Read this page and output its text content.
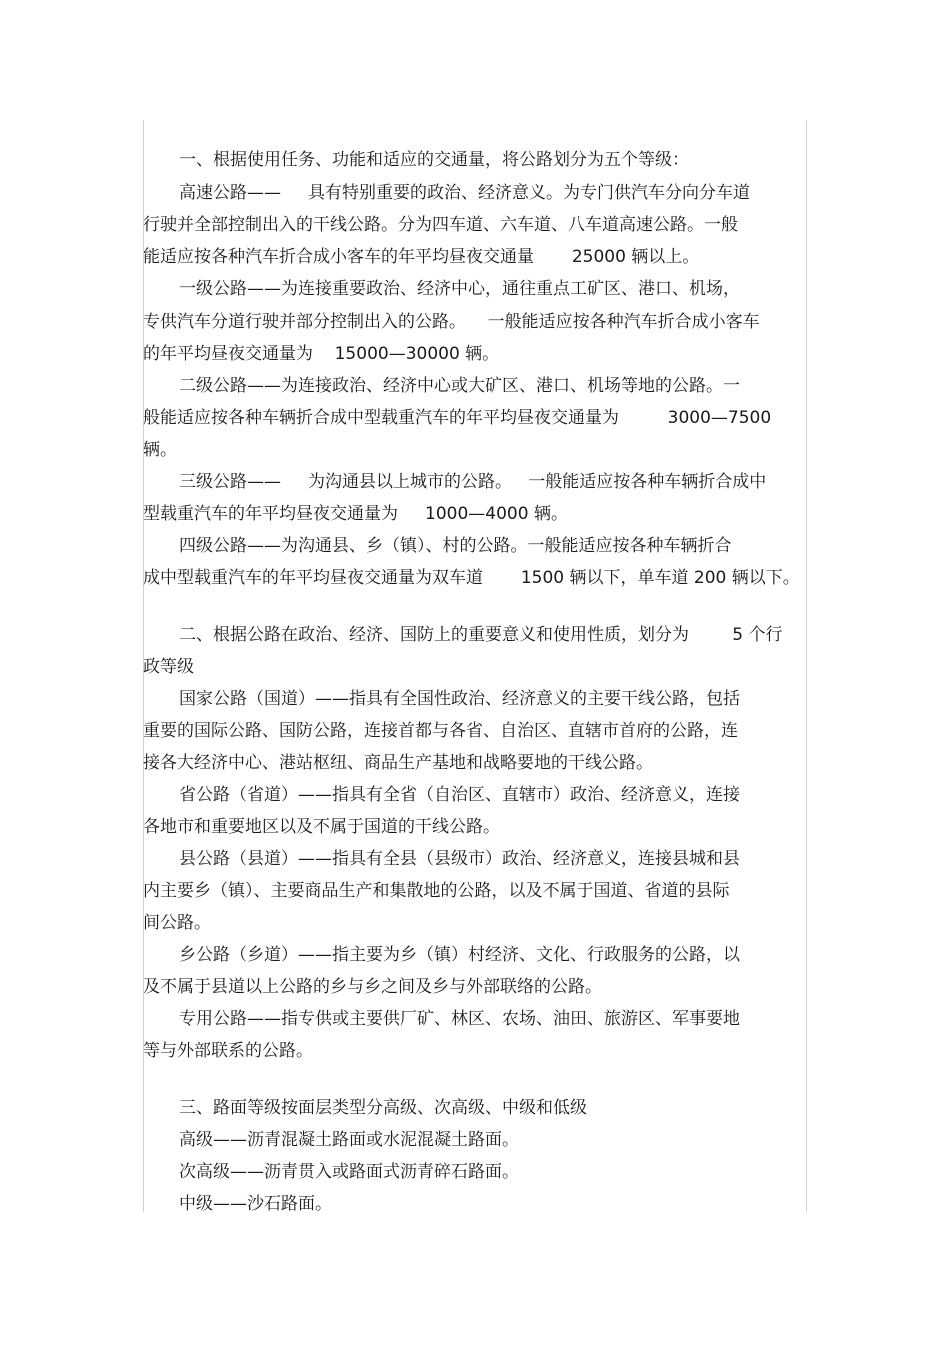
一、根据使用任务、功能和适应的交通量，将公路划分为五个等级：
高速公路——     具有特别重要的政治、经济意义。为专门供汽车分向分车道
行驶并全部控制出入的干线公路。分为四车道、六车道、八车道高速公路。一般
能适应按各种汽车折合成小客车的年平均昼夜交通量       25000 辆以上。
一级公路——为连接重要政治、经济中心，通往重点工矿区、港口、机场，
专供汽车分道行驶并部分控制出入的公路。    一般能适应按各种汽车折合成小客车
的年平均昼夜交通量为    15000—30000 辆。
二级公路——为连接政治、经济中心或大矿区、港口、机场等地的公路。一
般能适应按各种车辆折合成中型载重汽车的年平均昼夜交通量为         3000—7500
辆。
三级公路——     为沟通县以上城市的公路。   一般能适应按各种车辆折合成中
型载重汽车的年平均昼夜交通量为     1000—4000 辆。
四级公路——为沟通县、乡（镇）、村的公路。一般能适应按各种车辆折合
成中型载重汽车的年平均昼夜交通量为双车道       1500 辆以下，单车道 200 辆以下。
二、根据公路在政治、经济、国防上的重要意义和使用性质，划分为        5 个行
政等级
国家公路（国道）——指具有全国性政治、经济意义的主要干线公路，包括
重要的国际公路、国防公路，连接首都与各省、自治区、直辖市首府的公路，连
接各大经济中心、港站枢纽、商品生产基地和战略要地的干线公路。
省公路（省道）——指具有全省（自治区、直辖市）政治、经济意义，连接
各地市和重要地区以及不属于国道的干线公路。
县公路（县道）——指具有全县（县级市）政治、经济意义，连接县城和县
内主要乡（镇）、主要商品生产和集散地的公路，以及不属于国道、省道的县际
间公路。
乡公路（乡道）——指主要为乡（镇）村经济、文化、行政服务的公路，以
及不属于县道以上公路的乡与乡之间及乡与外部联络的公路。
专用公路——指专供或主要供厂矿、林区、农场、油田、旅游区、军事要地
等与外部联系的公路。
三、路面等级按面层类型分高级、次高级、中级和低级
高级——沥青混凝土路面或水泥混凝土路面。
次高级——沥青贯入或路面式沥青碎石路面。
中级——沙石路面。
